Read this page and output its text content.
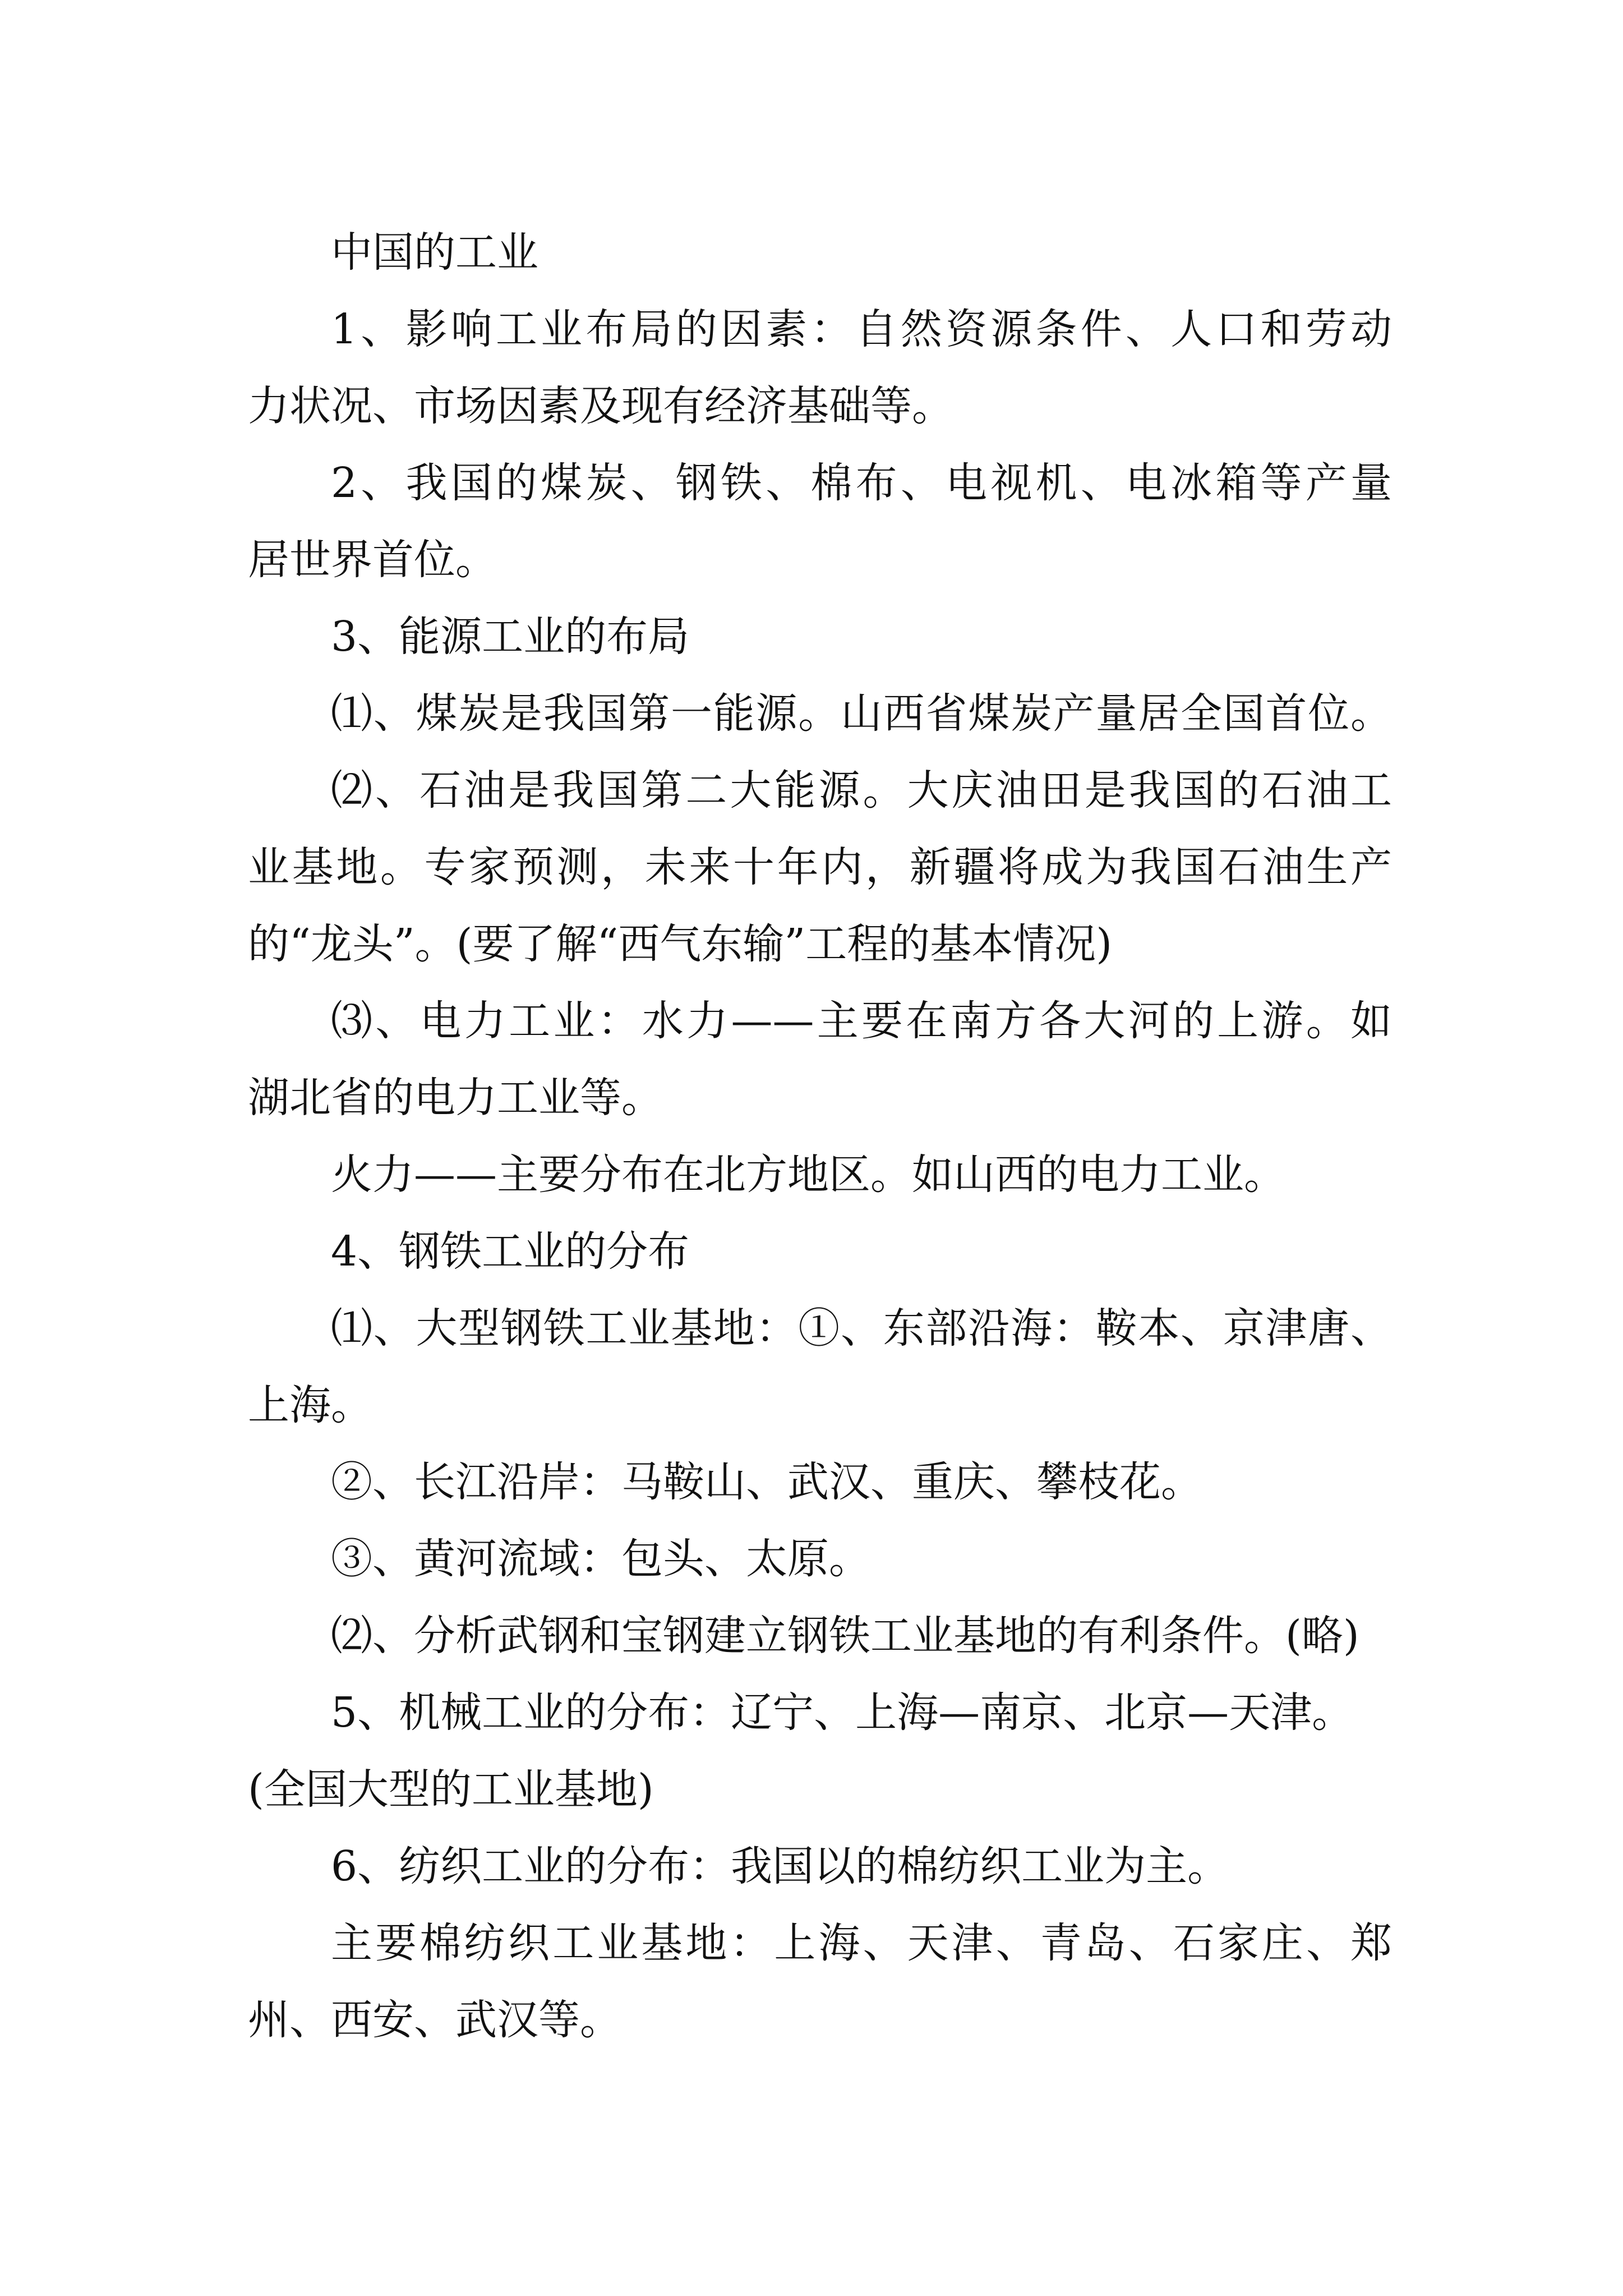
中国的工业
1、影响工业布局的因素：自然资源条件、人口和劳动
力状况、市场因素及现有经济基础等。
2、我国的煤炭、钢铁、棉布、电视机、电冰箱等产量
居世界首位。
3、能源工业的布局
⑴、煤炭是我国第一能源。山西省煤炭产量居全国首位。
⑵、石油是我国第二大能源。大庆油田是我国的石油工
业基地。专家预测，未来十年内，新疆将成为我国石油生产
的“龙头”。(要了解“西气东输”工程的基本情况)
⑶、电力工业：水力——主要在南方各大河的上游。如
湖北省的电力工业等。
火力——主要分布在北方地区。如山西的电力工业。
4、钢铁工业的分布
⑴、大型钢铁工业基地：①、东部沿海：鞍本、京津唐、
上海。
②、长江沿岸：马鞍山、武汉、重庆、攀枝花。
③、黄河流域：包头、太原。
⑵、分析武钢和宝钢建立钢铁工业基地的有利条件。(略)
5、机械工业的分布：辽宁、上海—南京、北京—天津。
(全国大型的工业基地)
6、纺织工业的分布：我国以的棉纺织工业为主。
主要棉纺织工业基地：上海、天津、青岛、石家庄、郑
州、西安、武汉等。
